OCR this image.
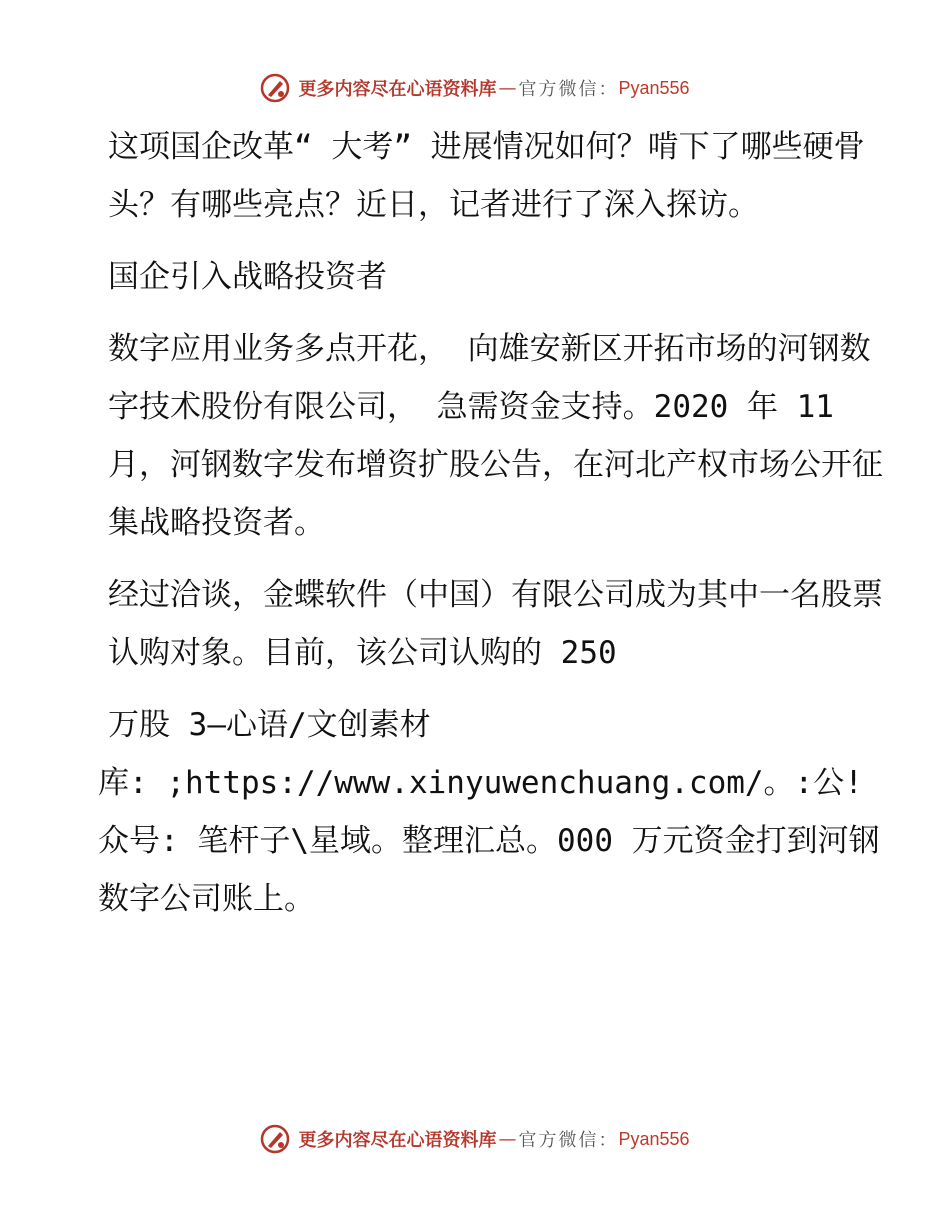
更多内容尽在心语资料库 — 官方微信： Pyan556

这项国企改革“ 大考” 进展情况如何？啃下了哪些硬骨头？有哪些亮点？近日，记者进行了深入探访。

国企引入战略投资者

数字应用业务多点开花， 向雄安新区开拓市场的河钢数字技术股份有限公司， 急需资金支持。2020 年 11 月，河钢数字发布增资扩股公告，在河北产权市场公开征集战略投资者。

经过洽谈，金蝶软件（中国）有限公司成为其中一名股票认购对象。目前，该公司认购的 250

万股 3—心语/文创素材

库: ;https://www.xinyuwenchuang.com/。:公!众号: 笔杆子\星域。整理汇总。000 万元资金打到河钢数字公司账上。

更多内容尽在心语资料库 — 官方微信： Pyan556
